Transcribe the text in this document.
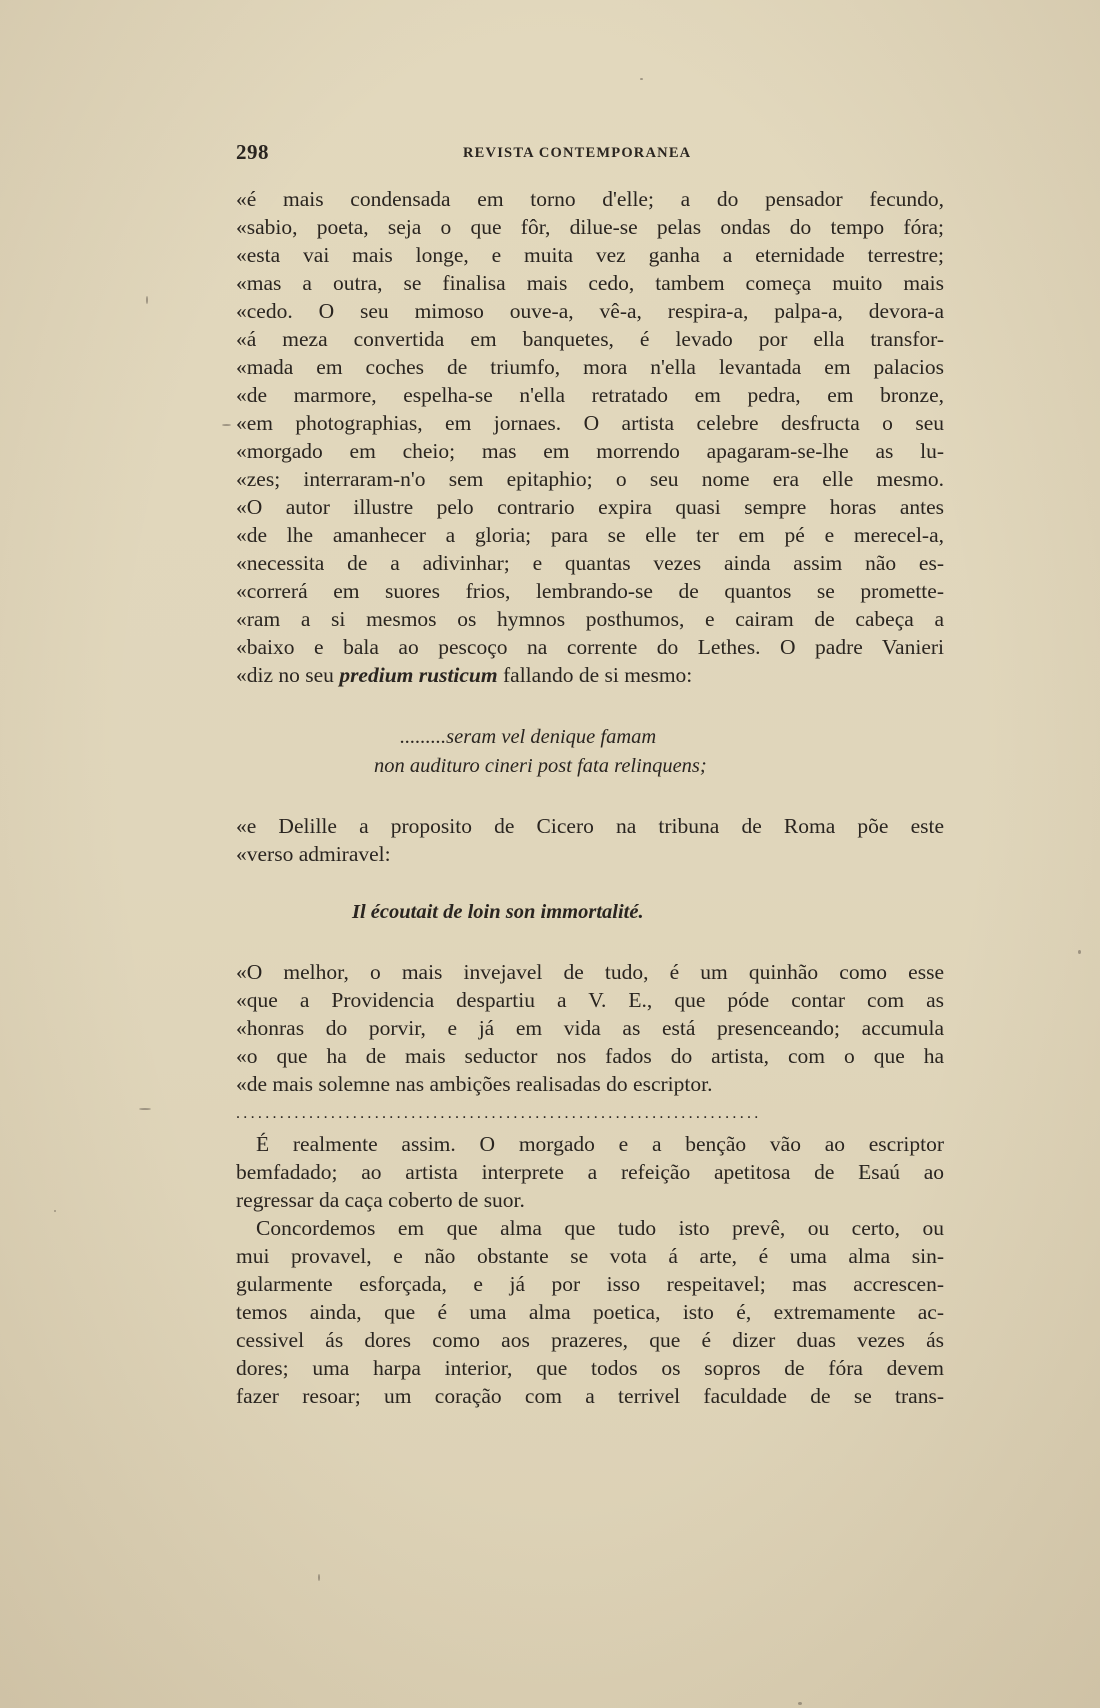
298	REVISTA CONTEMPORANEA
«é mais condensada em torno d'elle; a do pensador fecundo,
«sabio, poeta, seja o que fôr, dilue-se pelas ondas do tempo fóra;
«esta vai mais longe, e muita vez ganha a eternidade terrestre;
«mas a outra, se finalisa mais cedo, tambem começa muito mais
«cedo. O seu mimoso ouve-a, vê-a, respira-a, palpa-a, devora-a
«á meza convertida em banquetes, é levado por ella transfor-
«mada em coches de triumfo, mora n'ella levantada em palacios
«de marmore, espelha-se n'ella retratado em pedra, em bronze,
«em photographias, em jornaes. O artista celebre desfructa o seu
«morgado em cheio; mas em morrendo apagaram-se-lhe as lu-
«zes; interraram-n'o sem epitaphio; o seu nome era elle mesmo.
«O autor illustre pelo contrario expira quasi sempre horas antes
«de lhe amanhecer a gloria; para se elle ter em pé e merecel-a,
«necessita de a adivinhar; e quantas vezes ainda assim não es-
«correrá em suores frios, lembrando-se de quantos se promette-
«ram a si mesmos os hymnos posthumos, e cairam de cabeça a
«baixo e bala ao pescoço na corrente do Lethes. O padre Vanieri
«diz no seu predium rusticum fallando de si mesmo:
.........seram vel denique famam
non audituro cineri post fata relinquens;
«e Delille a proposito de Cicero na tribuna de Roma põe este
«verso admiravel:
Il écoutait de loin son immortalité.
«O melhor, o mais invejavel de tudo, é um quinhão como esse
«que a Providencia despartiu a V. E., que póde contar com as
«honras do porvir, e já em vida as está presenceando; accumula
«o que ha de mais seductor nos fados do artista, com o que ha
«de mais solemne nas ambições realisadas do escriptor.
........................................................................
É realmente assim. O morgado e a benção vão ao escriptor
bemfadado; ao artista interprete a refeição apetitosa de Esaú ao
regressar da caça coberto de suor.
Concordemos em que alma que tudo isto prevê, ou certo, ou
mui provavel, e não obstante se vota á arte, é uma alma sin-
gularmente esforçada, e já por isso respeitavel; mas accrescen-
temos ainda, que é uma alma poetica, isto é, extremamente ac-
cessivel ás dores como aos prazeres, que é dizer duas vezes ás
dores; uma harpa interior, que todos os sopros de fóra devem
fazer resoar; um coração com a terrivel faculdade de se trans-
